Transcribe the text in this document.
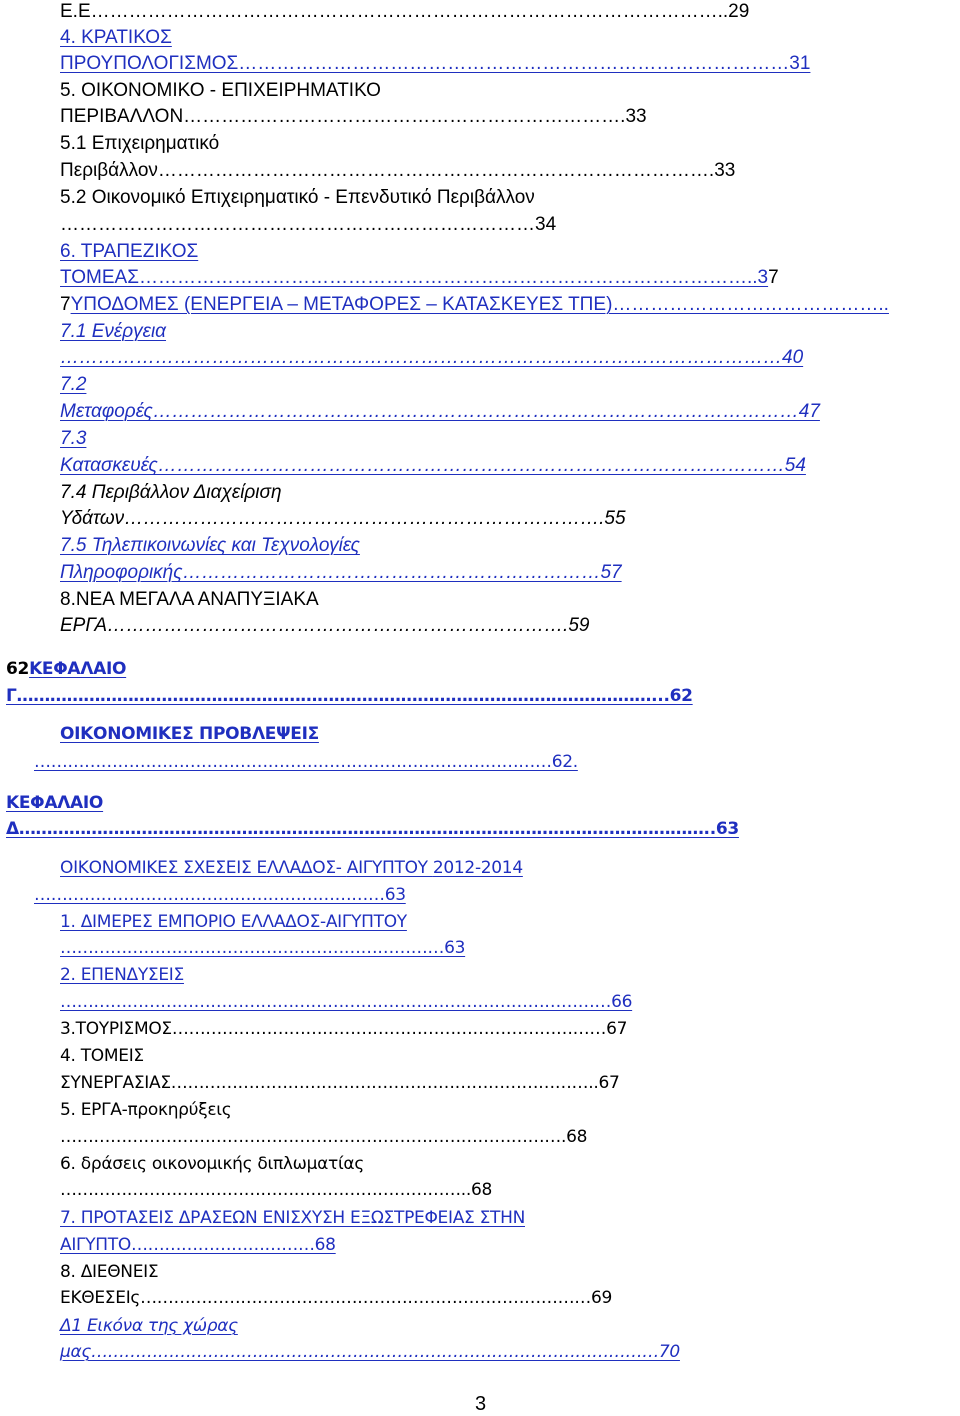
Ε.Ε………………………………………………………………………………………..29
4. ΚΡΑΤΙΚΟΣ
ΠΡΟΥΠΟΛΟΓΙΣΜΟΣ……………………………………………………………………………31
5. ΟΙΚΟΝΟΜΙΚΟ - ΕΠΙΧΕΙΡΗΜΑΤΙΚΟ
ΠΕΡΙΒΑΛΛΟΝ…………………………………………………………….33
5.1 Επιχειρηματικό
Περιβάλλον…………………………………………………………………………….33
5.2 Οικονομικό Επιχειρηματικό - Επενδυτικό Περιβάλλον
…………………………………………………………………34
6. ΤΡΑΠΕΖΙΚΟΣ
ΤΟΜΕΑΣ……………………………………………………………………………………..37
7ΥΠΟΔΟΜΕΣ (ΕΝΕΡΓΕΙΑ – ΜΕΤΑΦΟΡΕΣ – ΚΑΤΑΣΚΕΥΕΣ ΤΠΕ)……………………………………..
7.1 Ενέργεια
……………………………………………………………………………………………………40
7.2
Μεταφορές…………………………………………………………………………………………47
7.3
Κατασκευές………………………………………………………………………………………54
7.4 Περιβάλλον Διαχείριση
Υδάτων………………………………………………………………….55
7.5 Τηλεπικοινωνίες και Τεχνολογίες
Πληροφορικής…………………………………………………………57
8.ΝΕΑ ΜΕΓΑΛΑ ΑΝΑΠΥΞΙΑΚΑ
ΕΡΓΑ……………………………………………………………….59
62ΚΕΦΑΛΑΙΟ
Γ……………………………………………………………………………………………………...62
ΟΙΚΟΝΟΜΙΚΕΣ ΠΡΟΒΛΕΨΕΙΣ
…………………………………………………………………………………62.
ΚΕΦΑΛΑΙΟ
Δ……………………………………………………………………………………………………………..63
ΟΙΚΟΝΟΜΙΚΕΣ ΣΧΕΣΕΙΣ ΕΛΛΑΔΟΣ- ΑΙΓΥΠΤΟΥ 2012-2014
………………………………………………………63
1. ΔΙΜΕΡΕΣ ΕΜΠΟΡΙΟ ΕΛΛΑΔΟΣ-ΑΙΓΥΠΤΟΥ
……………………………………………………………63
2. ΕΠΕΝΔΥΣΕΙΣ
………………………………………………………………………………………66
3.ΤΟΥΡΙΣΜΟΣ……………………………………………………………………67
4. ΤΟΜΕΙΣ
ΣΥΝΕΡΓΑΣΙΑΣ…………………………………………………………………..67
5. ΕΡΓΑ-προκηρύξεις
……………………………………………………………………………….68
6. δράσεις οικονομικής διπλωματίας
………………………………………………………………..68
7. ΠΡΟΤΑΣΕΙΣ ΔΡΑΣΕΩΝ ΕΝΙΣΧΥΣΗ ΕΞΩΣΤΡΕΦΕΙΑΣ ΣΤΗΝ
ΑΙΓΥΠΤΟ……………………………68
8. ΔΙΕΘΝΕΙΣ
ΕΚΘΕΣΕΙς………………………………………………………………………69
Δ1 Εικόνα της χώρας
μας…………………………………………………………………………………………70
3
